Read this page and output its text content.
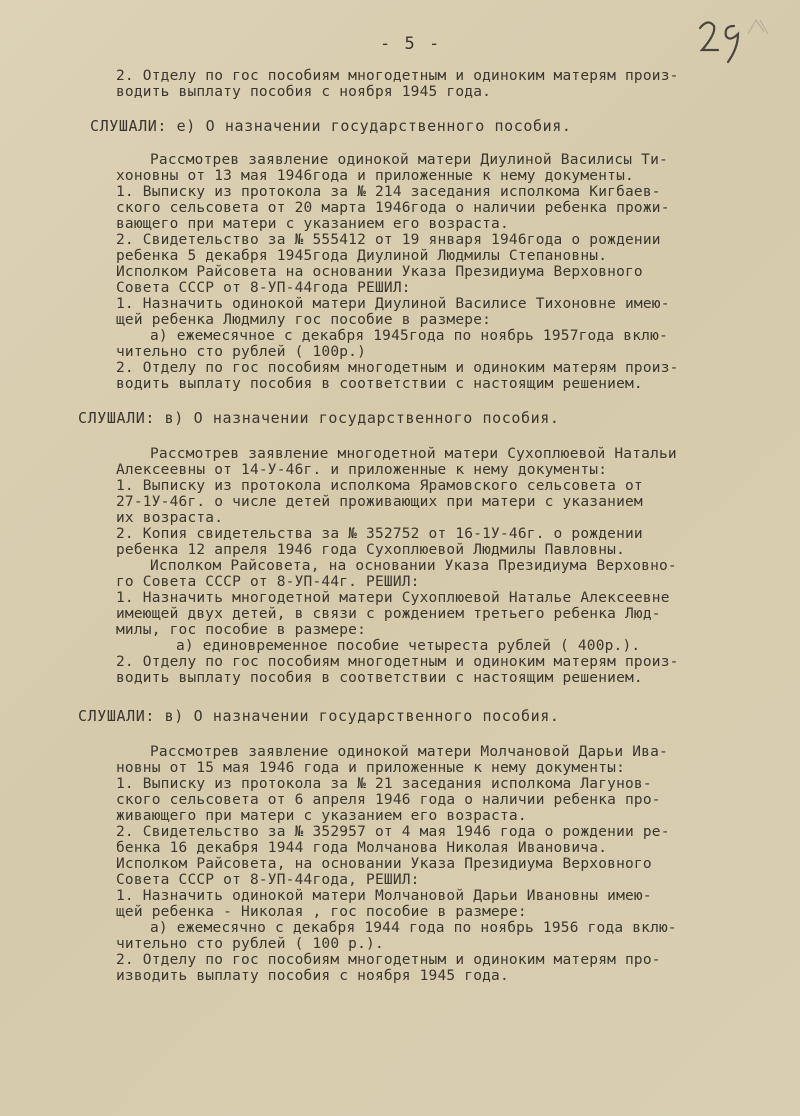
- 5 -
2. Отделу по гос пособиям многодетным и одиноким матерям произ-
водить выплату пособия с ноября 1945 года.
СЛУШАЛИ: е) О назначении государственного пособия.
Рассмотрев заявление одинокой матери Диулиной Василисы Ти-
хоновны от 13 мая 1946года и приложенные к нему документы.
1. Выписку из протокола за № 214 заседания исполкома Кигбаев-
ского сельсовета от 20 марта 1946года о наличии ребенка прожи-
вающего при матери с указанием его возраста.
2. Свидетельство за № 555412 от 19 января 1946года о рождении
ребенка 5 декабря 1945года Диулиной Людмилы Степановны.
Исполком Райсовета на основании Указа Президиума Верховного
Совета СССР от 8-УП-44года РЕШИЛ:
1. Назначить одинокой матери Диулиной Василисе Тихоновне имею-
щей ребенка Людмилу гос пособие в размере:
а) ежемесячное с декабря 1945года по ноябрь 1957года вклю-
чительно сто рублей ( 100р.)
2. Отделу по гос пособиям многодетным и одиноким матерям произ-
водить выплату пособия в соответствии с настоящим решением.
СЛУШАЛИ: в) О назначении государственного пособия.
Рассмотрев заявление многодетной матери Сухоплюевой Натальи
Алексеевны от 14-У-46г. и приложенные к нему документы:
1. Выписку из протокола исполкома Ярамовского сельсовета от
27-1У-46г. о числе детей проживающих при матери с указанием
их возраста.
2. Копия свидетельства за № 352752 от 16-1У-46г. о рождении
ребенка 12 апреля 1946 года Сухоплюевой Людмилы Павловны.
Исполком Райсовета, на основании Указа Президиума Верховно-
го Совета СССР от 8-УП-44г. РЕШИЛ:
1. Назначить многодетной матери Сухоплюевой Наталье Алексеевне
имеющей двух детей, в связи с рождением третьего ребенка Люд-
милы, гос пособие в размере:
а) единовременное пособие четыреста рублей ( 400р.).
2. Отделу по гос пособиям многодетным и одиноким матерям произ-
водить выплату пособия в соответствии с настоящим решением.
СЛУШАЛИ: в) О назначении государственного пособия.
Рассмотрев заявление одинокой матери Молчановой Дарьи Ива-
новны от 15 мая 1946 года и приложенные к нему документы:
1. Выписку из протокола за № 21 заседания исполкома Лагунов-
ского сельсовета от 6 апреля 1946 года о наличии ребенка про-
живающего при матери с указанием его возраста.
2. Свидетельство за № 352957 от 4 мая 1946 года о рождении ре-
бенка 16 декабря 1944 года Молчанова Николая Ивановича.
Исполком Райсовета, на основании Указа Президиума Верховного
Совета СССР от 8-УП-44года, РЕШИЛ:
1. Назначить одинокой матери Молчановой Дарьи Ивановны имею-
щей ребенка - Николая , гос пособие в размере:
а) ежемесячно с декабря 1944 года по ноябрь 1956 года вклю-
чительно сто рублей ( 100 р.).
2. Отделу по гос пособиям многодетным и одиноким матерям про-
изводить выплату пособия с ноября 1945 года.
